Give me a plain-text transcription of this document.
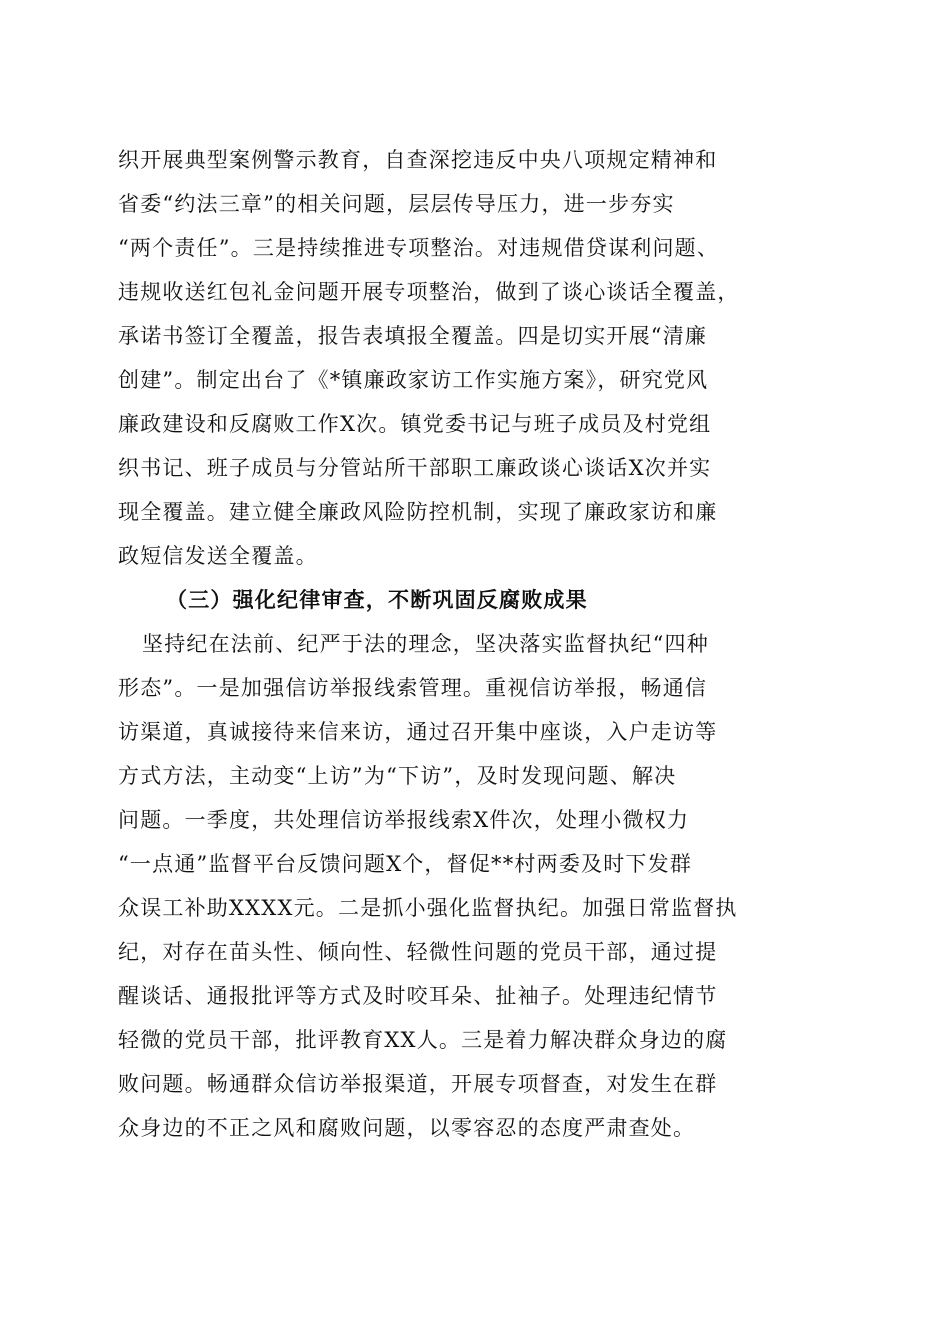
织开展典型案例警示教育，自查深挖违反中央八项规定精神和
省委“约法三章”的相关问题，层层传导压力，进一步夯实
“两个责任”。三是持续推进专项整治。对违规借贷谋利问题、
违规收送红包礼金问题开展专项整治，做到了谈心谈话全覆盖，
承诺书签订全覆盖，报告表填报全覆盖。四是切实开展“清廉
创建”。制定出台了《*镇廉政家访工作实施方案》，研究党风
廉政建设和反腐败工作X次。镇党委书记与班子成员及村党组
织书记、班子成员与分管站所干部职工廉政谈心谈话X次并实
现全覆盖。建立健全廉政风险防控机制，实现了廉政家访和廉
政短信发送全覆盖。
（三）强化纪律审查，不断巩固反腐败成果
坚持纪在法前、纪严于法的理念，坚决落实监督执纪“四种
形态”。一是加强信访举报线索管理。重视信访举报，畅通信
访渠道，真诚接待来信来访，通过召开集中座谈，入户走访等
方式方法，主动变“上访”为“下访”，及时发现问题、解决
问题。一季度，共处理信访举报线索X件次，处理小微权力
“一点通”监督平台反馈问题X个，督促**村两委及时下发群
众误工补助XXXX元。二是抓小强化监督执纪。加强日常监督执
纪，对存在苗头性、倾向性、轻微性问题的党员干部，通过提
醒谈话、通报批评等方式及时咬耳朵、扯袖子。处理违纪情节
轻微的党员干部，批评教育XX人。三是着力解决群众身边的腐
败问题。畅通群众信访举报渠道，开展专项督查，对发生在群
众身边的不正之风和腐败问题，以零容忍的态度严肃查处。
